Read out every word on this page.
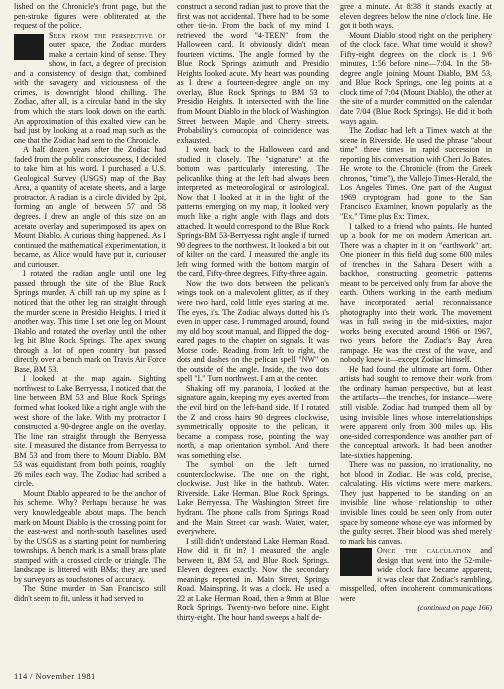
lished on the Chronicle's front page, but the pen-stroke figures were obliterated at the request of the police.

Seen from the perspective of outer space, the Zodiac murders make a certain kind of sense. They show, in fact, a degree of precision and a consistency of design that, combined with the savagery and viciousness of the crimes, is downright blood chilling. The Zodiac, after all, is a circular band in the sky from which the stars look down on the earth. An approximation of this exalted view can be had just by looking at a road map such as the one that the Zodiac had sent to the Chronicle.

A half dozen years after the Zodiac had faded from the public consciousness, I decided to take him at his word. I purchased a U.S. Geological Survey (USGS) map of the Bay Area, a quantity of acetate sheets, and a large protractor. A radian is a circle divided by 2pi, forming an angle of between 57 and 58 degrees. I drew an angle of this size on an acetate overlay and superimposed its apex on Mount Diablo. A curious thing happened. As I continued the mathematical experimentation, it became, as Alice would have put it, curiouser and curiouser.

I rotated the radian angle until one leg passed through the site of the Blue Rock Springs murder. A chill ran up my spine as I noticed that the other leg ran straight through the murder scene in Presidio Heights. I tried it another way. This time I set one leg on Mount Diablo and rotated the overlay until the other leg hit Blue Rock Springs. The apex swung through a lot of open country but passed directly over a bench mark on Travis Air Force Base, BM 53.

I looked at the map again. Sighting northwest to Lake Berryessa, I noticed that the line between BM 53 and Blue Rock Springs formed what looked like a right angle with the west shore of the lake. With my protractor I constructed a 90-degree angle on the overlay. The line ran straight through the Berryessa site. I measured the distance from Berryessa to BM 53 and from there to Mount Diablo. BM 53 was equidistant from both points, roughly 26 miles each way. The Zodiac had scribed a circle.

Mount Diablo appeared to be the anchor of his scheme. Why? Perhaps because he was very knowledgeable about maps. The bench mark on Mount Diablo is the crossing point for the east-west and north-south baselines used by the USGS as a starting point for numbering townships. A bench mark is a small brass plate stamped with a crossed circle or triangle. The landscape is littered with BMs; they are used by surveyors as touchstones of accuracy.

The Stine murder in San Francisco still didn't seem to fit, unless it had served to

construct a second radian just to prove that the first was not accidental. There had to be some other tie-in. From the back of my mind I retrieved the word "4-TEEN" from the Halloween card. It obviously didn't mean fourteen victims. The angle formed by the Blue Rock Springs azimuth and Presidio Heights looked acute. My heart was pounding as I drew a fourteen-degree angle on my overlay, Blue Rock Springs to BM 53 to Presidio Heights. It intersected with the line from Mount Diablo in the block of Washington Street between Maple and Cherry streets. Probability's cornucopia of coincidence was exhausted.

I went back to the Halloween card and studied it closely. The "signature" at the bottom was particularly interesting. The pelicanlike thing at the left had always been interpreted as meteorological or astrological. Now that I looked at it in the light of the patterns emerging on my map, it looked very much like a right angle with flags and dots attached. It would correspond to the Blue Rock Springs-BM 53-Berryessa right angle if turned 90 degrees to the northwest. It looked a bit out of kilter on the card. I measured the angle its left wing formed with the bottom margin of the card. Fifty-three degrees. Fifty-three again.

Now the two dots between the pelican's wings took on a malevolent glitter, as if they were two hard, cold little eyes staring at me. The eyes, i's. The Zodiac always dotted his i's even in upper case. I rummaged around, found my old boy scout manual, and flipped the dog-eared pages to the chapter on signals. It was Morse code. Reading from left to right, the dots and dashes on the pelican spell "NW" on the outside of the angle. Inside, the two dots spell "I." Turn northwest. I am at the center.

Shaking off my paranoia, I looked at the signature again, keeping my eyes averted from the evil bird on the left-hand side. If I rotated the Z and cross hairs 90 degrees clockwise, symmetrically opposite to the pelican, it became a compass rose, pointing the way north, a map orientation symbol. And there was something else.

The symbol on the left turned counterclockwise. The one on the right, clockwise. Just like in the bathtub. Water. Riverside. Lake Herman. Blue Rock Springs. Lake Berryessa. The Washington Street fire hydrant. The phone calls from Springs Road and the Main Street car wash. Water, water, everywhere.

I still didn't understand Lake Herman Road. How did it fit in? I measured the angle between it, BM 53, and Blue Rock Springs. Eleven degrees exactly. Now the secondary meanings reported in. Main Street, Springs Road. Mainspring. It was a clock. He used a 22 at Lake Herman Road, then a 9mm at Blue Rock Springs. Twenty-two before nine. Eight thirty-eight. The hour hand sweeps a half de-

gree a minute. At 8:38 it stands exactly at eleven degrees below the nine o'clock line. He got it both ways.

Mount Diablo stood right on the periphery of the clock face. What time would it show? Fifty-eight degrees on the clock is 1 9/6 minutes, 1:56 before nine—7:04. In the 58-degree angle joining Mount Diablo, BM 53, and Blue Rock Springs, one leg points at a clock time of 7:04 (Mount Diablo), the other at the site of a murder committed on the calendar date 7/04 (Blue Rock Springs). He did it both ways again.

The Zodiac had left a Timex watch at the scene in Riverside. He used the phrase "about time" three times in rapid succession in reporting his conversation with Cheri Jo Bates. He wrote to the Chronicle (from the Greek chronos, "time"), the Vallejo Times-Herald, the Los Angeles Times. One part of the August 1969 cryptogram had gone to the San Francisco Examiner, known popularly as the "Ex." Time plus Ex: Timex.

I talked to a friend who paints. He hunted up a book for me on modern American art. There was a chapter in it on "earthwork" art. One pioneer in this field dug some 600 miles of trenches in the Sahara Desert with a backhoe, constructing geometric patterns meant to be perceived only from far above the earth. Others working in the earth medium have incorporated aerial reconnaissance photography into their work. The movement was in full swing in the mid-sixties, major works being executed around 1966 or 1967, two years before the Zodiac's Bay Area rampage. He was the crest of the wave, and nobody knew it—except Zodiac himself.

He had found the ultimate art form. Other artists had sought to remove their work from the ordinary human perspective, but at least the artifacts—the trenches, for instance—were still visible. Zodiac had trumped them all by using invisible lines whose interrelationships were apparent only from 300 miles up. His one-sided correspondence was another part of the conceptual artwork. It had been another late-sixties happening.

There was no passion, no irrationality, no hot blood in Zodiac. He was cold, precise, calculating. His victims were mere markers. They just happened to be standing on an invisible line whose relationship to other invisible lines could be seen only from outer space by someone whose eye was informed by the guilty secret. Their blood was shed merely to mark his canvas.

Once the calculation and design that went into the 52-mile-wide clock face became apparent, it was clear that Zodiac's rambling, misspelled, often incoherent communications were

(continued on page 166)
114 / November 1981
